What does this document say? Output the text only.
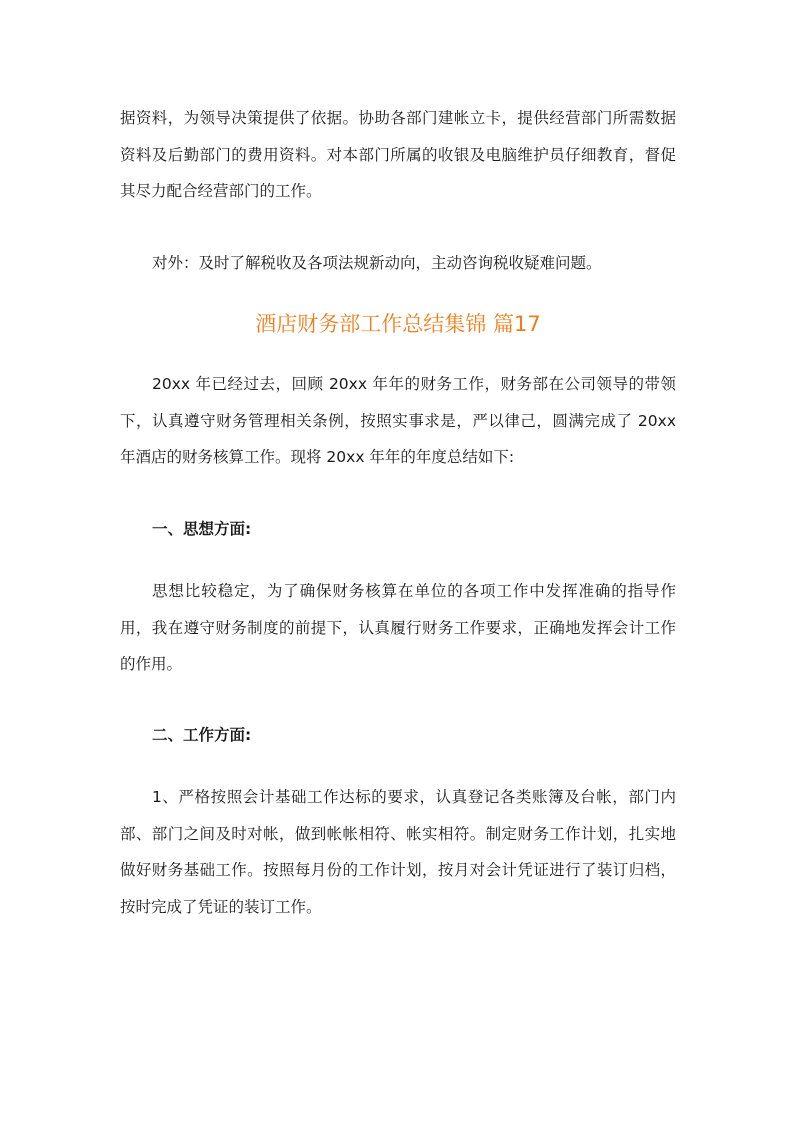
据资料，为领导决策提供了依据。协助各部门建帐立卡，提供经营部门所需数据资料及后勤部门的费用资料。对本部门所属的收银及电脑维护员仔细教育，督促其尽力配合经营部门的工作。

对外：及时了解税收及各项法规新动向，主动咨询税收疑难问题。

酒店财务部工作总结集锦 篇17

20xx 年已经过去，回顾 20xx 年年的财务工作，财务部在公司领导的带领下，认真遵守财务管理相关条例，按照实事求是，严以律己，圆满完成了 20xx 年酒店的财务核算工作。现将 20xx 年年的年度总结如下:

一、思想方面:

思想比较稳定，为了确保财务核算在单位的各项工作中发挥准确的指导作用，我在遵守财务制度的前提下，认真履行财务工作要求，正确地发挥会计工作的作用。

二、工作方面:

1、严格按照会计基础工作达标的要求，认真登记各类账簿及台帐，部门内部、部门之间及时对帐，做到帐帐相符、帐实相符。制定财务工作计划，扎实地做好财务基础工作。按照每月份的工作计划，按月对会计凭证进行了装订归档，按时完成了凭证的装订工作。
